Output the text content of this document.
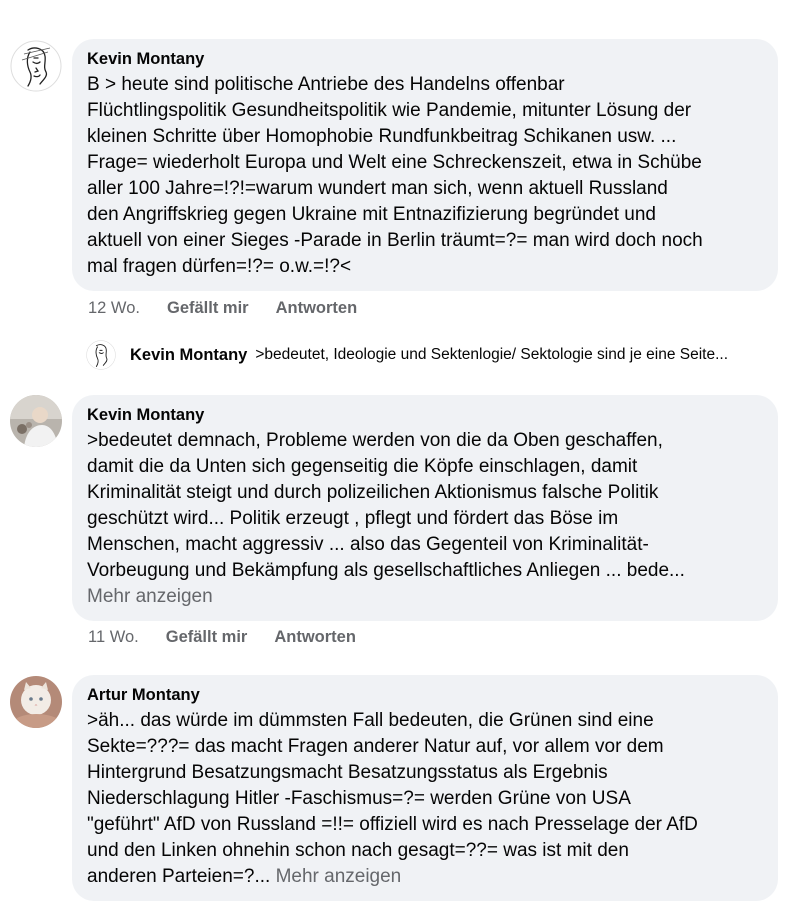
Kevin Montany
B > heute sind politische Antriebe des Handelns offenbar
Flüchtlingspolitik Gesundheitspolitik wie Pandemie, mitunter Lösung der
kleinen Schritte über Homophobie Rundfunkbeitrag Schikanen usw. ...
Frage= wiederholt Europa und Welt eine Schreckenszeit, etwa in Schübe
aller 100 Jahre=!?!=warum wundert man sich, wenn aktuell Russland
den Angriffskrieg gegen Ukraine mit Entnazifizierung begründet und
aktuell von einer Sieges -Parade in Berlin träumt=?= man wird doch noch
mal fragen dürfen=!?= o.w.=!?<
12 Wo. Gefällt mir Antworten
Kevin Montany >bedeutet, Ideologie und Sektenlogie/ Sektologie sind je eine Seite...
Kevin Montany
>bedeutet demnach, Probleme werden von die da Oben geschaffen,
damit die da Unten sich gegenseitig die Köpfe einschlagen, damit
Kriminalität steigt und durch polizeilichen Aktionismus falsche Politik
geschützt wird... Politik erzeugt , pflegt und fördert das Böse im
Menschen, macht aggressiv ... also das Gegenteil von Kriminalität-
Vorbeugung und Bekämpfung als gesellschaftliches Anliegen ... bede...
Mehr anzeigen
11 Wo. Gefällt mir Antworten
Artur Montany
>äh... das würde im dümmsten Fall bedeuten, die Grünen sind eine
Sekte=???= das macht Fragen anderer Natur auf, vor allem vor dem
Hintergrund Besatzungsmacht Besatzungsstatus als Ergebnis
Niederschlagung Hitler -Faschismus=?= werden Grüne von USA
"geführt" AfD von Russland =!!= offiziell wird es nach Presselage der AfD
und den Linken ohnehin schon nach gesagt=??= was ist mit den
anderen Parteien=?... Mehr anzeigen
